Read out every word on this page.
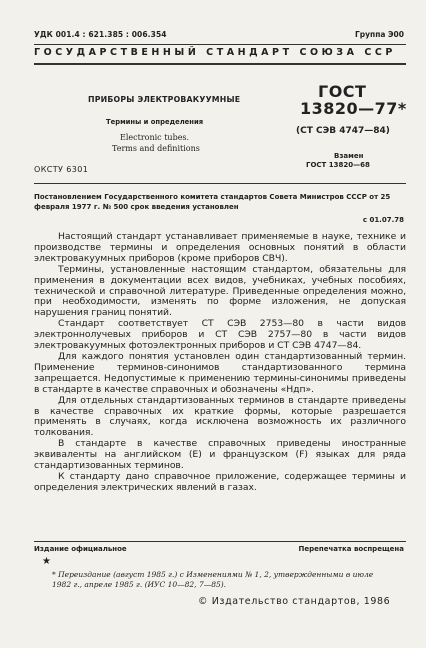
УДК 001.4 : 621.385 : 006.354	Группа Э00
ГОСУДАРСТВЕННЫЙ СТАНДАРТ СОЮЗА ССР
ПРИБОРЫ ЭЛЕКТРОВАКУУМНЫЕ
Термины и определения
Electronic tubes.
Terms and definitions
ГОСТ
13820—77*
(СТ СЭВ 4747—84)
Взамен
ГОСТ 13820—68
ОКСТУ 6301
Постановлением Государственного комитета стандартов Совета Министров СССР от 25 февраля 1977 г. № 500 срок введения установлен
с 01.07.78

Настоящий стандарт устанавливает применяемые в науке, технике и производстве термины и определения основных понятий в области электровакуумных приборов (кроме приборов СВЧ).

Термины, установленные настоящим стандартом, обязательны для применения в документации всех видов, учебниках, учебных пособиях, технической и справочной литературе. Приведенные определения можно, при необходимости, изменять по форме изложения, не допуская нарушения границ понятий.

Стандарт соответствует СТ СЭВ 2753—80 в части видов электроннолучевых приборов и СТ СЭВ 2757—80 в части видов электровакуумных фотоэлектронных приборов и СТ СЭВ 4747—84.

Для каждого понятия установлен один стандартизованный термин. Применение терминов-синонимов стандартизованного термина запрещается. Недопустимые к применению термины-синонимы приведены в стандарте в качестве справочных и обозначены «Ндп».

Для отдельных стандартизованных терминов в стандарте приведены в качестве справочных их краткие формы, которые разрешается применять в случаях, когда исключена возможность их различного толкования.

В стандарте в качестве справочных приведены иностранные эквиваленты на английском (Е) и французском (F) языках для ряда стандартизованных терминов.

К стандарту дано справочное приложение, содержащее термины и определения электрических явлений в газах.

Издание официальное	Перепечатка воспрещена
★
* Переиздание (август 1985 г.) с Изменениями № 1, 2, утвержденными в июле 1982 г., апреле 1985 г. (ИУС 10—82, 7—85).
© Издательство стандартов, 1986
